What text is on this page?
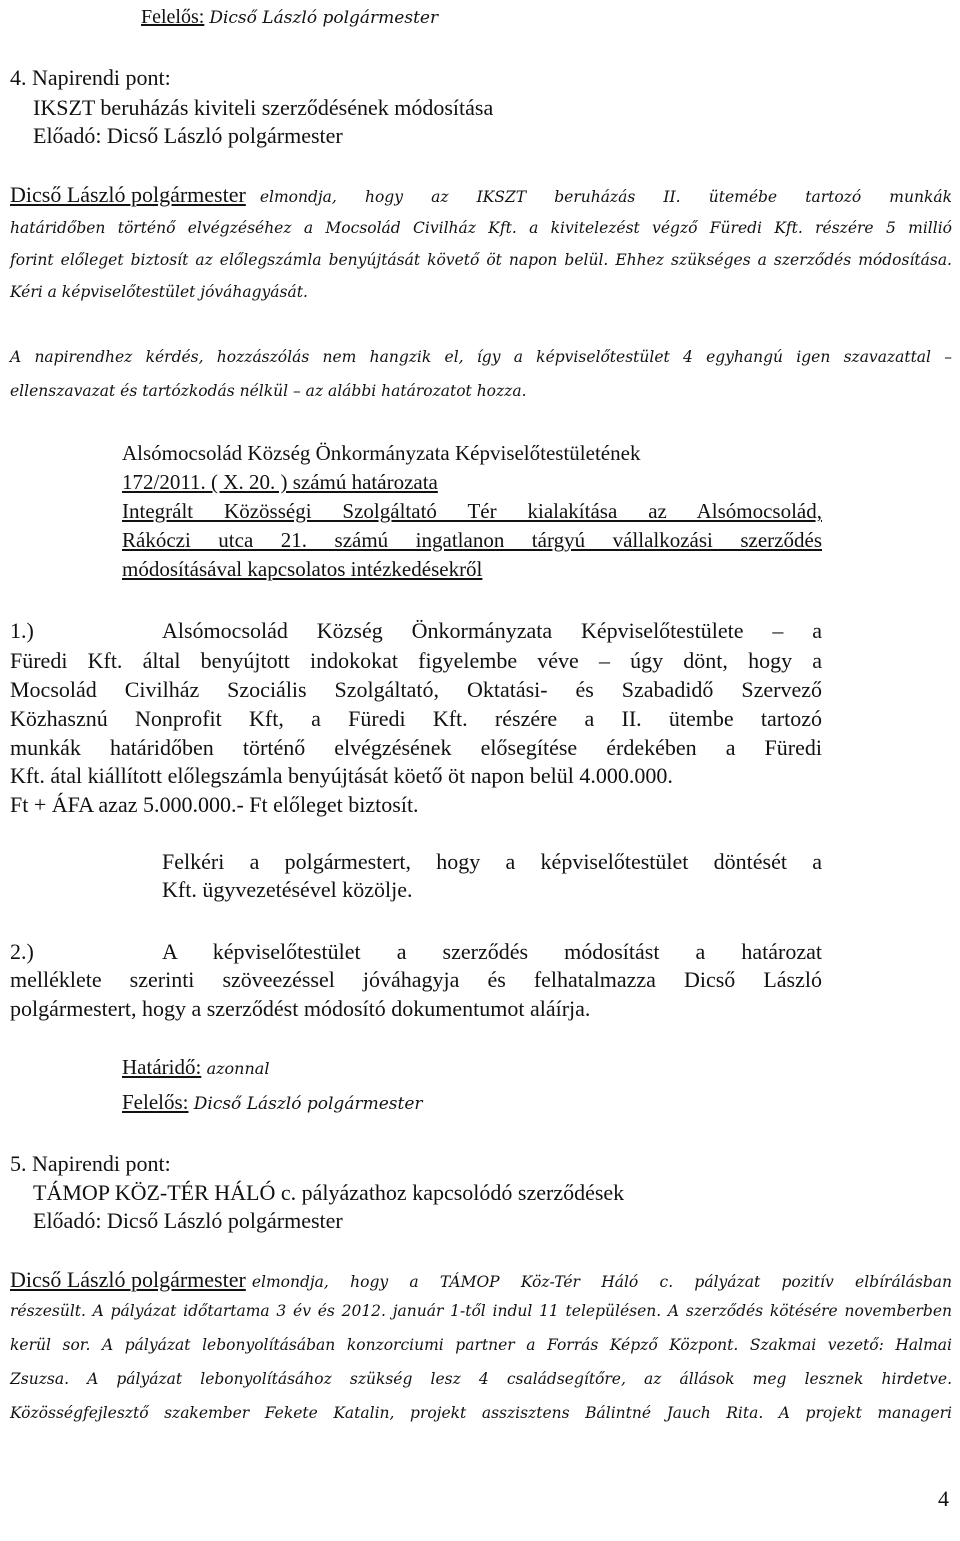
Felelős: Dicső László polgármester
4. Napirendi pont:
IKSZT beruházás kiviteli szerződésének módosítása
Előadó: Dicső László polgármester
Dicső László polgármester elmondja, hogy az IKSZT beruházás II. ütemébe tartozó munkák
határidőben történő elvégzéséhez a Mocsolád Civilház Kft. a kivitelezést végző Füredi Kft. részére 5 millió
forint előleget biztosít az előlegszámla benyújtását követő öt napon belül. Ehhez szükséges a szerződés módosítása.
Kéri a képviselőtestület jóváhagyását.
A napirendhez kérdés, hozzászólás nem hangzik el, így a képviselőtestület 4 egyhangú igen szavazattal –
ellenszavazat és tartózkodás nélkül – az alábbi határozatot hozza.
Alsómocsolád Község Önkormányzata Képviselőtestületének
172/2011. ( X. 20. ) számú határozata
Integrált Közösségi Szolgáltató Tér kialakítása az Alsómocsolád,
Rákóczi utca 21. számú ingatlanon tárgyú vállalkozási szerződés
módosításával kapcsolatos intézkedésekről
1.)	Alsómocsolád Község Önkormányzata Képviselőtestülete – a
Füredi Kft. által benyújtott indokokat figyelembe véve – úgy dönt, hogy a
Mocsolád Civilház Szociális Szolgáltató, Oktatási- és Szabadidő Szervező
Közhasznú Nonprofit Kft, a Füredi Kft. részére a II. ütembe tartozó
munkák határidőben történő elvégzésének elősegítése érdekében a Füredi
Kft. átal kiállított előlegszámla benyújtását köető öt napon belül 4.000.000.
Ft + ÁFA azaz 5.000.000.- Ft előleget biztosít.
Felkéri a polgármestert, hogy a képviselőtestület döntését a
Kft. ügyvezetésével közölje.
2.)	A képviselőtestület a szerződés módosítást a határozat
melléklete szerinti szöveezéssel jóváhagyja és felhatalmazza Dicső László
polgármestert, hogy a szerződést módosító dokumentumot aláírja.
Határidő: azonnal
Felelős: Dicső László polgármester
5. Napirendi pont:
TÁMOP KÖZ-TÉR HÁLÓ c. pályázathoz kapcsolódó szerződések
Előadó: Dicső László polgármester
Dicső László polgármester elmondja, hogy a TÁMOP Köz-Tér Háló c. pályázat pozitív elbírálásban
részesült. A pályázat időtartama 3 év és 2012. január 1-től indul 11 településen. A szerződés kötésére novemberben
kerül sor. A pályázat lebonyolításában konzorciumi partner a Forrás Képző Központ. Szakmai vezető: Halmai
Zsuzsa. A pályázat lebonyolításához szükség lesz 4 családsegítőre, az állások meg lesznek hirdetve.
Közösségfejlesztő szakember Fekete Katalin, projekt asszisztens Bálintné Jauch Rita. A projekt manageri
4
